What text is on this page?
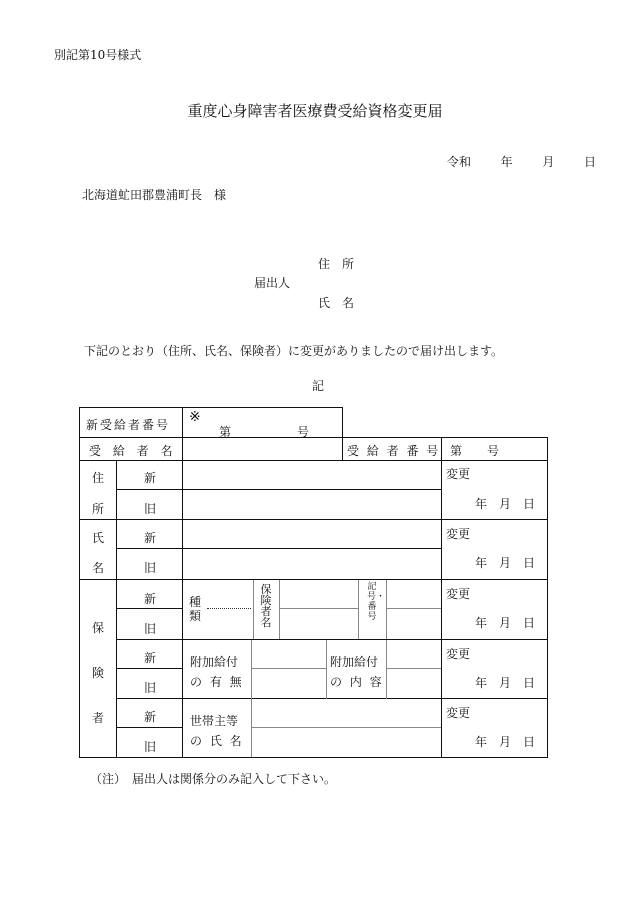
別記第10号様式
重度心身障害者医療費受給資格変更届
令和 年 月 日
北海道虻田郡豊浦町長　様
住　所
届出人
氏　名
下記のとおり（住所、氏名、保険者）に変更がありましたので届け出します。
記
新受給者番号 ※
第	号
受 給 者 名	受 給 者 番 号 第 号
住
所
新
旧
変更
年　月　日
氏
名
新
旧
変更
年　月　日
保
険
者
新
旧
新
旧
新
旧
種類
保険者名
記号・番号
変更
年　月　日
附加給付
の 有 無
附加給付
の 内 容
変更
年　月　日
世帯主等
の 氏 名
変更
年　月　日
（注）　届出人は関係分のみ記入して下さい。
